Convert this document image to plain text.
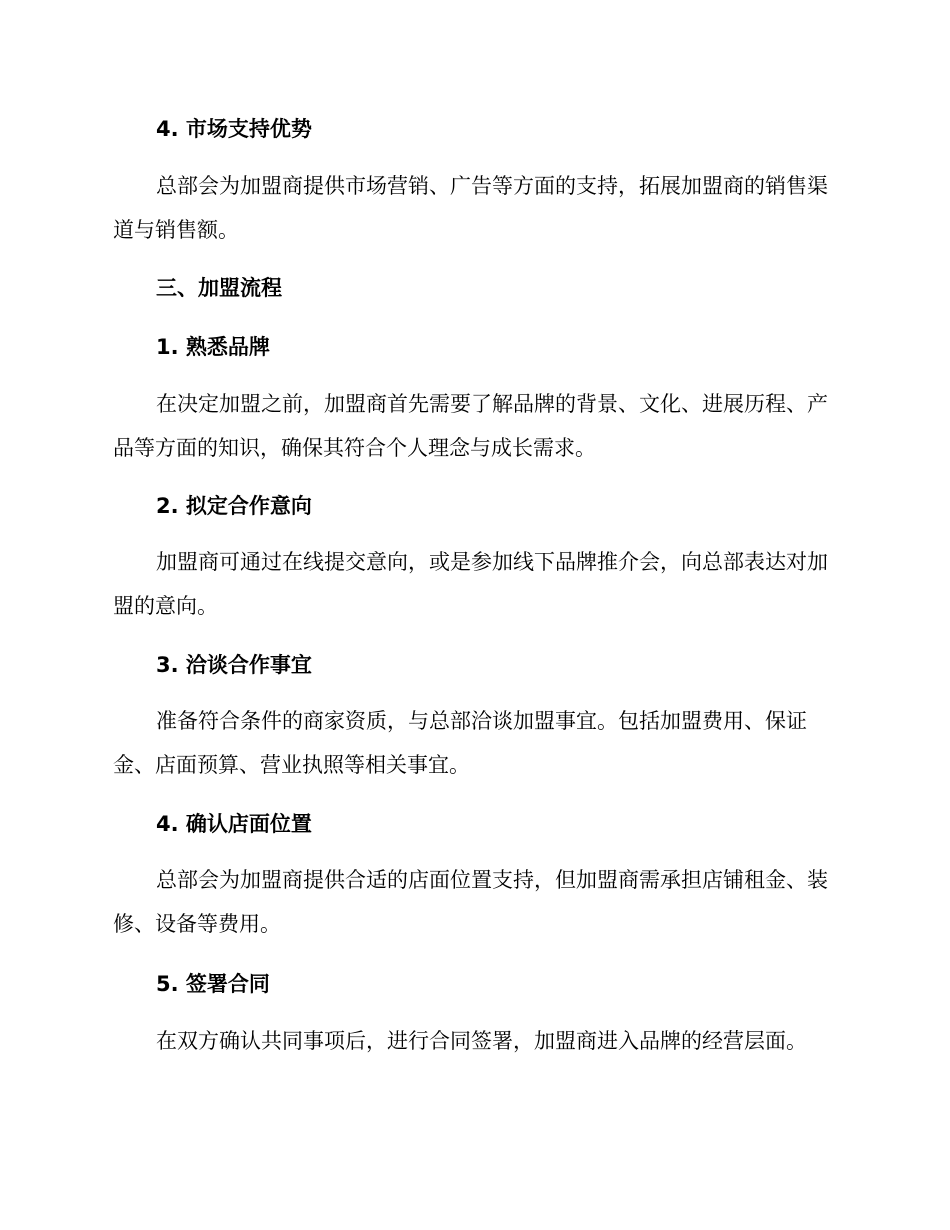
4. 市场支持优势

总部会为加盟商提供市场营销、广告等方面的支持，拓展加盟商的销售渠道与销售额。

三、加盟流程
1. 熟悉品牌

在决定加盟之前，加盟商首先需要了解品牌的背景、文化、进展历程、产品等方面的知识，确保其符合个人理念与成长需求。

2. 拟定合作意向

加盟商可通过在线提交意向，或是参加线下品牌推介会，向总部表达对加盟的意向。

3. 洽谈合作事宜

准备符合条件的商家资质，与总部洽谈加盟事宜。包括加盟费用、保证金、店面预算、营业执照等相关事宜。

4. 确认店面位置

总部会为加盟商提供合适的店面位置支持，但加盟商需承担店铺租金、装修、设备等费用。

5. 签署合同

在双方确认共同事项后，进行合同签署，加盟商进入品牌的经营层面。
